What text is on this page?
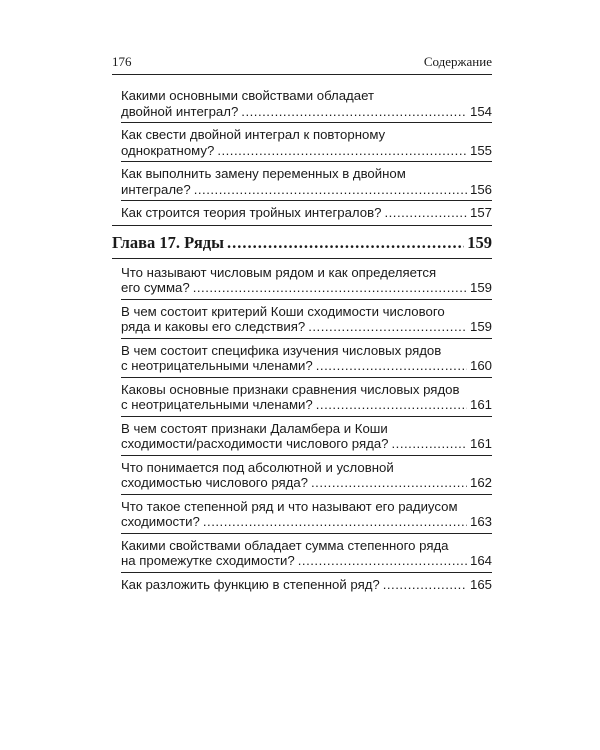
176	Содержание
Какими основными свойствами обладает
двойной интеграл? .....	154
Как свести двойной интеграл к повторному
однократному? .....	155
Как выполнить замену переменных в двойном
интеграле? .....	156
Как строится теория тройных интегралов? .....	157
Глава 17. Ряды .....	159
Что называют числовым рядом и как определяется
его сумма? .....	159
В чем состоит критерий Коши сходимости числового
ряда и каковы его следствия? .....	159
В чем состоит специфика изучения числовых рядов
с неотрицательными членами? .....	160
Каковы основные признаки сравнения числовых рядов
с неотрицательными членами? .....	161
В чем состоят признаки Даламбера и Коши
сходимости/расходимости числового ряда? .....	161
Что понимается под абсолютной и условной
сходимостью числового ряда? .....	162
Что такое степенной ряд и что называют его радиусом
сходимости? .....	163
Какими свойствами обладает сумма степенного ряда
на промежутке сходимости? .....	164
Как разложить функцию в степенной ряд? .....	165
